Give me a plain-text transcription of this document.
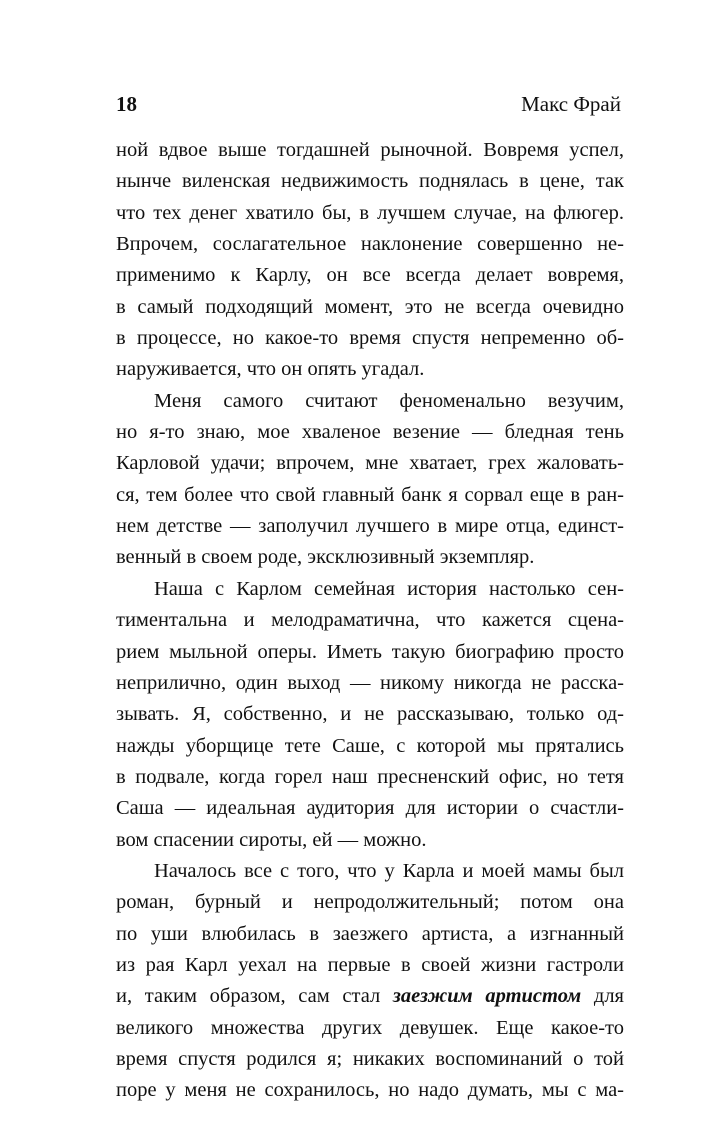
18	Макс Фрай
ной вдвое выше тогдашней рыночной. Вовремя успел,
нынче виленская недвижимость поднялась в цене, так
что тех денег хватило бы, в лучшем случае, на флюгер.
Впрочем, сослагательное наклонение совершенно не-
применимо к Карлу, он все всегда делает вовремя,
в самый подходящий момент, это не всегда очевидно
в процессе, но какое-то время спустя непременно об-
наруживается, что он опять угадал.
Меня самого считают феноменально везучим,
но я-то знаю, мое хваленое везение — бледная тень
Карловой удачи; впрочем, мне хватает, грех жаловать-
ся, тем более что свой главный банк я сорвал еще в ран-
нем детстве — заполучил лучшего в мире отца, единст-
венный в своем роде, эксклюзивный экземпляр.
Наша с Карлом семейная история настолько сен-
тиментальна и мелодраматична, что кажется сцена-
рием мыльной оперы. Иметь такую биографию просто
неприлично, один выход — никому никогда не расска-
зывать. Я, собственно, и не рассказываю, только од-
нажды уборщице тете Саше, с которой мы прятались
в подвале, когда горел наш пресненский офис, но тетя
Саша — идеальная аудитория для истории о счастли-
вом спасении сироты, ей — можно.
Началось все с того, что у Карла и моей мамы был
роман, бурный и непродолжительный; потом она
по уши влюбилась в заезжего артиста, а изгнанный
из рая Карл уехал на первые в своей жизни гастроли
и, таким образом, сам стал заезжим артистом для
великого множества других девушек. Еще какое-то
время спустя родился я; никаких воспоминаний о той
поре у меня не сохранилось, но надо думать, мы с ма-
